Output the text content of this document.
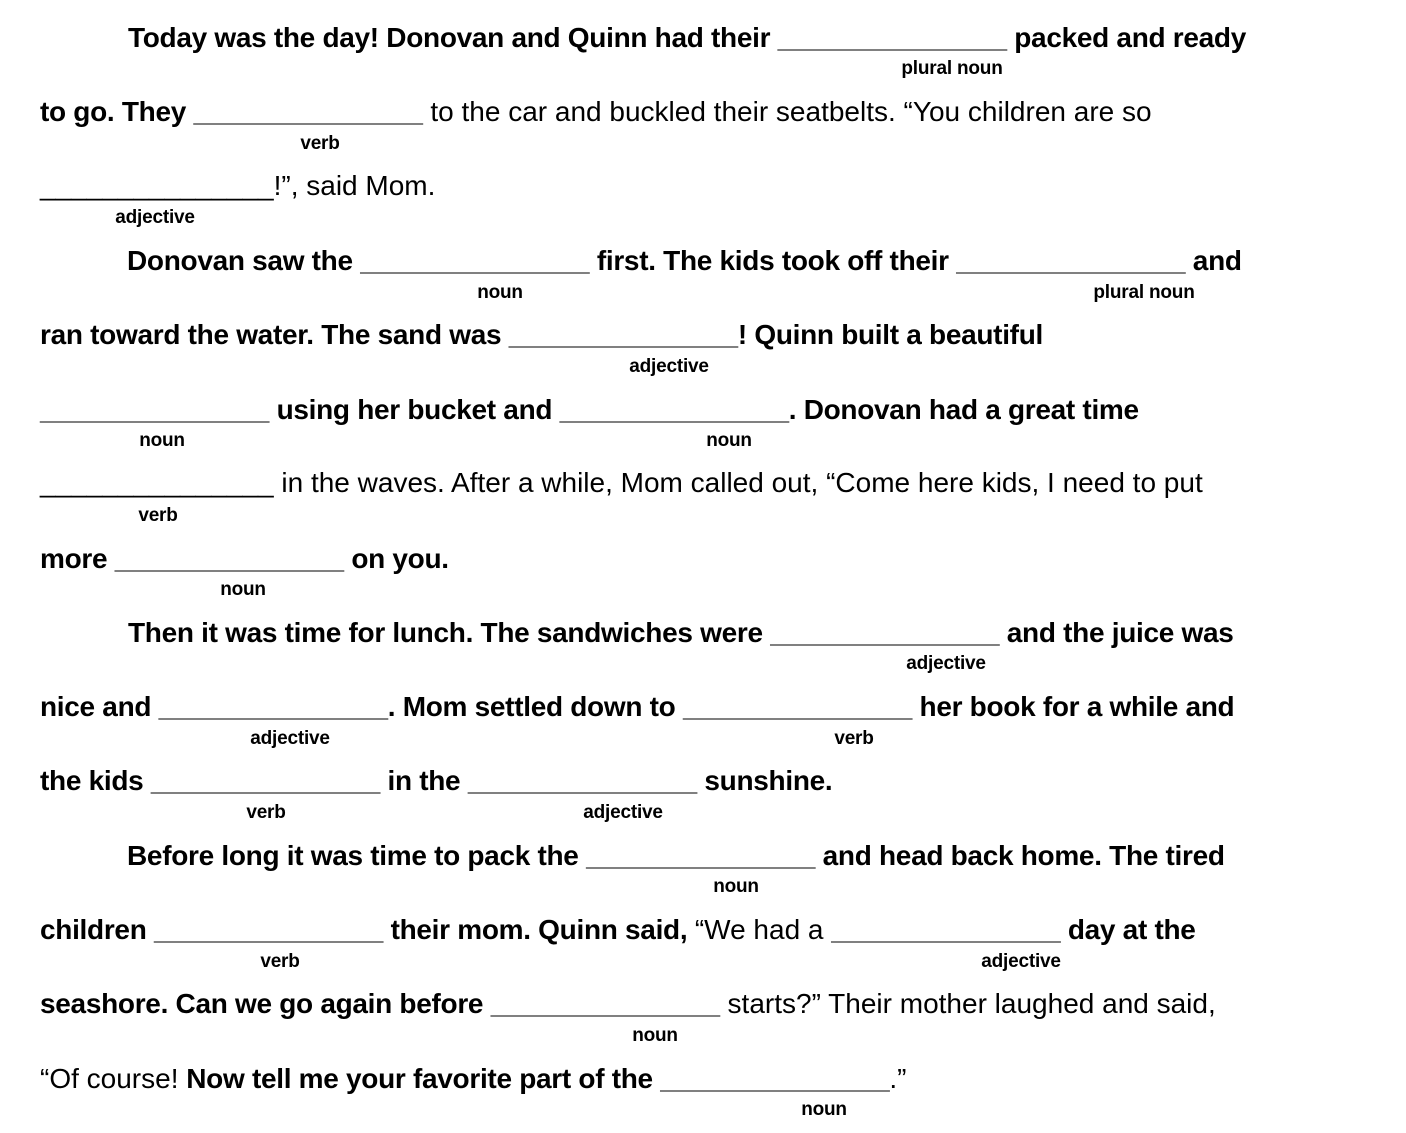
Today was the day! Donovan and Quinn had their _______________ packed and ready
to go. They _______________ to the car and buckled their seatbelts. “You children are so
_______________!”, said Mom.
Donovan saw the _______________ first. The kids took off their _______________ and
ran toward the water. The sand was _______________! Quinn built a beautiful
_______________ using her bucket and _______________. Donovan had a great time
_______________ in the waves. After a while, Mom called out, “Come here kids, I need to put
more _______________ on you.
Then it was time for lunch. The sandwiches were _______________ and the juice was
nice and _______________. Mom settled down to _______________ her book for a while and
the kids _______________ in the _______________ sunshine.
Before long it was time to pack the _______________ and head back home. The tired
children _______________ their mom. Quinn said, “We had a _______________ day at the
seashore. Can we go again before _______________ starts?” Their mother laughed and said,
“Of course! Now tell me your favorite part of the _______________.”
plural noun
verb
adjective
noun	plural noun
adjective
noun	noun
verb
noun
adjective
adjective	verb
verb	adjective
noun
verb	adjective
noun
noun
